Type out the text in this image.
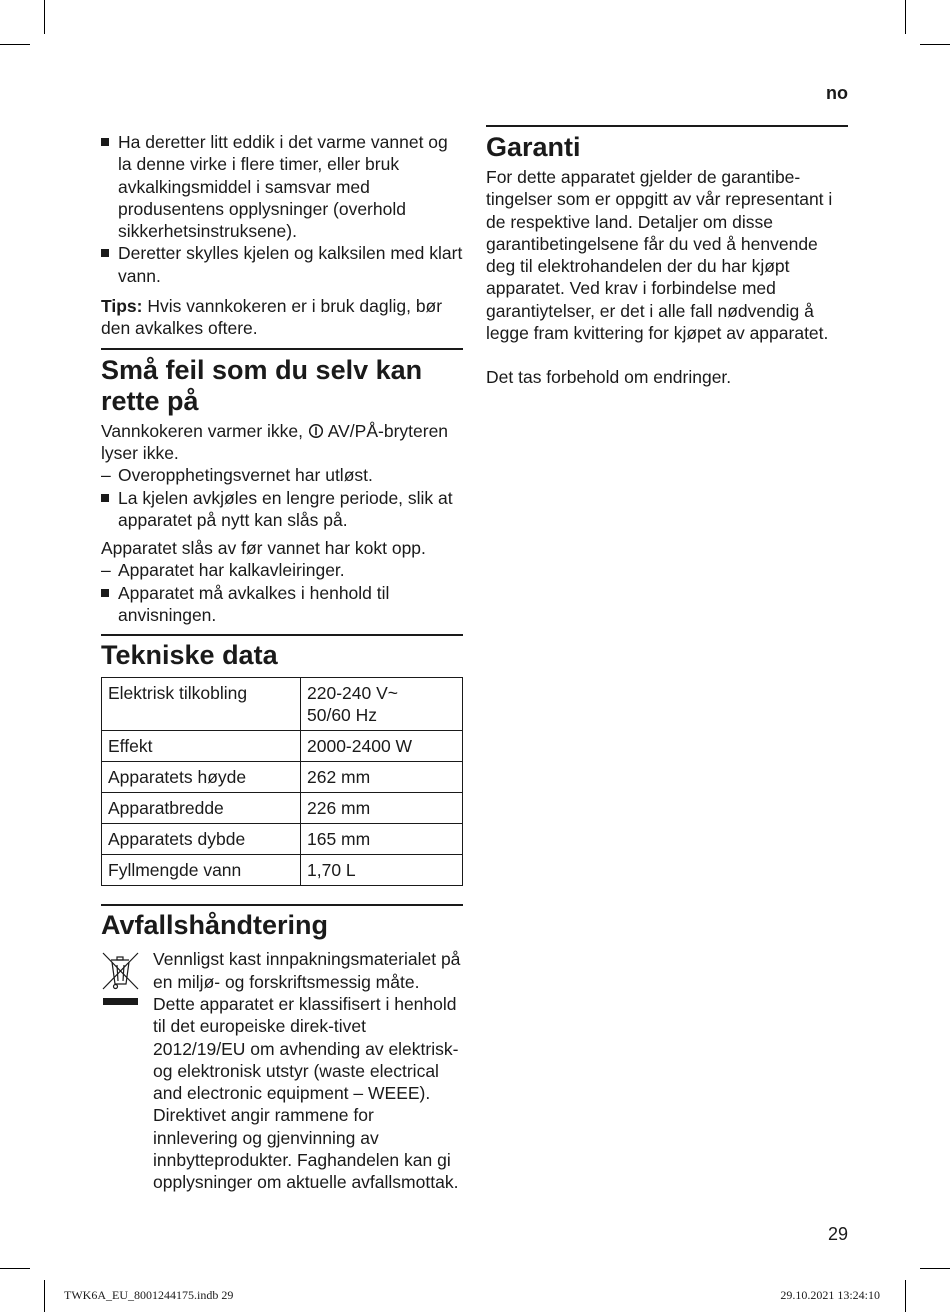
no
Ha deretter litt eddik i det varme vannet og la denne virke i flere timer, eller bruk avkalkingsmiddel i samsvar med produsentens opplysninger (overhold sikkerhetsinstruksene).
Deretter skylles kjelen og kalksilen med klart vann.

Tips: Hvis vannkokeren er i bruk daglig, bør den avkalkes oftere.

Små feil som du selv kan rette på

Vannkokeren varmer ikke,  AV/PÅ-bryteren lyser ikke.

– Overopphetingsvernet har utløst.
La kjelen avkjøles en lengre periode, slik at apparatet på nytt kan slås på.

Apparatet slås av før vannet har kokt opp.

– Apparatet har kalkavleiringer.
Apparatet må avkalkes i henhold til anvisningen.
Tekniske data
Elektrisk tilkobling	220-240 V~
50/60 Hz
Effekt	2000-2400 W
Apparatets høyde	262 mm
Apparatbredde	226 mm
Apparatets dybde	165 mm
Fyllmengde vann	1,70 L
Avfallshåndtering

Vennligst kast innpakningsmaterialet på en miljø- og forskriftsmessig måte. Dette apparatet er klassifisert i henhold til det europeiske direk-tivet 2012/19/EU om avhending av elektrisk- og elektronisk utstyr (waste electrical and electronic equipment – WEEE). Direktivet angir rammene for innlevering og gjenvinning av innbytteprodukter. Faghandelen kan gi opplysninger om aktuelle avfallsmottak.

Garanti

For dette apparatet gjelder de garantibe-tingelser som er oppgitt av vår representant i de respektive land. Detaljer om disse garantibetingelsene får du ved å henvende deg til elektrohandelen der du har kjøpt apparatet. Ved krav i forbindelse med garantiytelser, er det i alle fall nødvendig å legge fram kvittering for kjøpet av apparatet.

Det tas forbehold om endringer.

29
TWK6A_EU_8001244175.indb 29	29.10.2021 13:24:10
